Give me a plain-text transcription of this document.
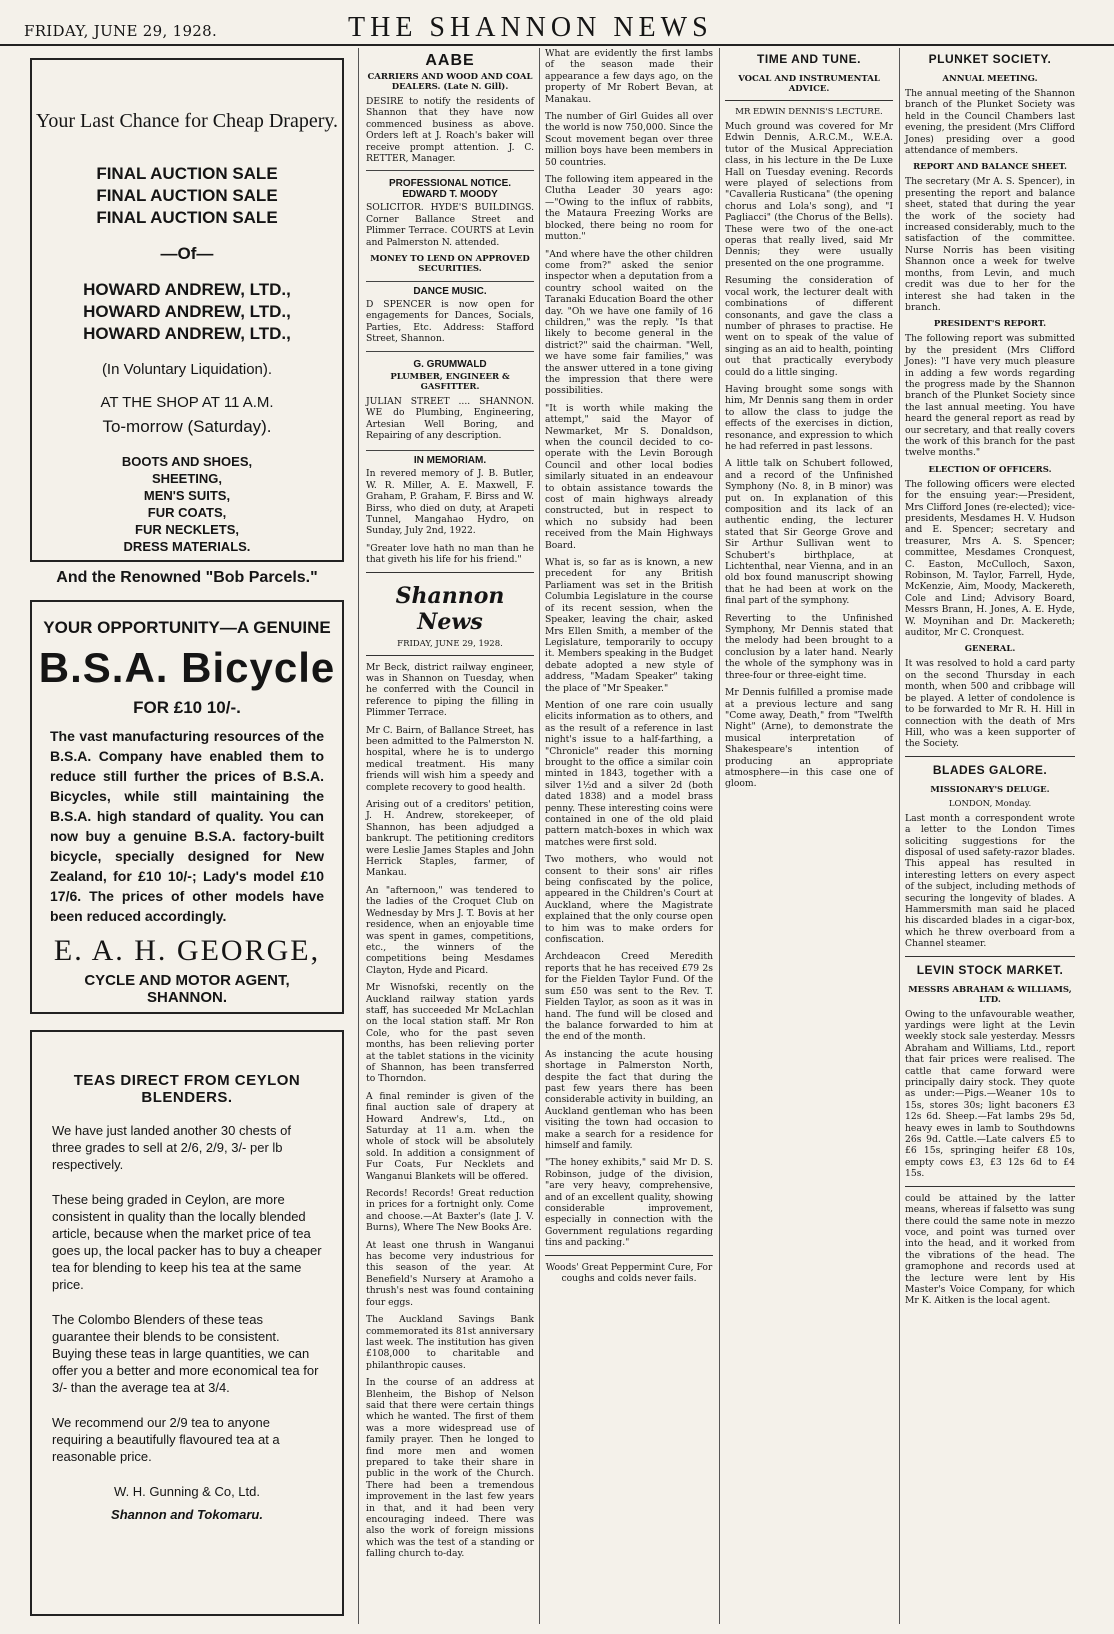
FRIDAY, JUNE 29, 1928.	THE SHANNON NEWS
Your Last Chance for Cheap Drapery.

FINAL AUCTION SALE

FINAL AUCTION SALE

FINAL AUCTION SALE

—Of—

HOWARD ANDREW, LTD.,

HOWARD ANDREW, LTD.,

HOWARD ANDREW, LTD.,

(In Voluntary Liquidation).

AT THE SHOP AT 11 A.M.

To-morrow (Saturday).

BOOTS AND SHOES,
SHEETING,
MEN'S SUITS,
FUR COATS,
FUR NECKLETS,
DRESS MATERIALS.

And the Renowned "Bob Parcels."

YOUR OPPORTUNITY—A GENUINE

B.S.A. Bicycle

FOR £10 10/-.

The vast manufacturing resources of the B.S.A. Company have enabled them to reduce still further the prices of B.S.A. Bicycles, while still maintaining the B.S.A. high standard of quality. You can now buy a genuine B.S.A. factory-built bicycle, specially designed for New Zealand, for £10 10/-; Lady's model £10 17/6. The prices of other models have been reduced accordingly.

E. A. H. GEORGE,
CYCLE AND MOTOR AGENT,
SHANNON.
TEAS DIRECT FROM CEYLON BLENDERS.

We have just landed another 30 chests of three grades to sell at 2/6, 2/9, 3/- per lb respectively.

These being graded in Ceylon, are more consistent in quality than the locally blended article, because when the market price of tea goes up, the local packer has to buy a cheaper tea for blending to keep his tea at the same price.

The Colombo Blenders of these teas guarantee their blends to be consistent. Buying these teas in large quantities, we can offer you a better and more economical tea for 3/- than the average tea at 3/4.

We recommend our 2/9 tea to anyone requiring a beautifully flavoured tea at a reasonable price.

W. H. Gunning & Co, Ltd.

Shannon and Tokomaru.

AABE
CARRIERS AND WOOD AND COAL DEALERS. (Late N. Gill).

DESIRE to notify the residents of Shannon that they have now commenced business as above. Orders left at J. Roach's baker will receive prompt attention. J. C. RETTER, Manager.

PROFESSIONAL NOTICE. EDWARD T. MOODY

SOLICITOR. HYDE'S BUILDINGS. Corner Ballance Street and Plimmer Terrace. COURTS at Levin and Palmerston N. attended.

MONEY TO LEND ON APPROVED SECURITIES.
DANCE MUSIC.

D SPENCER is now open for engagements for Dances, Socials, Parties, Etc. Address: Stafford Street, Shannon.

G. GRUMWALD
PLUMBER, ENGINEER & GASFITTER.

JULIAN STREET .... SHANNON. WE do Plumbing, Engineering, Artesian Well Boring, and Repairing of any description.

IN MEMORIAM.

In revered memory of J. B. Butler, W. R. Miller, A. E. Maxwell, F. Graham, P. Graham, F. Birss and W. Birss, who died on duty, at Arapeti Tunnel, Mangahao Hydro, on Sunday, July 2nd, 1922.

"Greater love hath no man than he that giveth his life for his friend."

Shannon News
FRIDAY, JUNE 29, 1928.

Mr Beck, district railway engineer, was in Shannon on Tuesday, when he conferred with the Council in reference to piping the filling in Plimmer Terrace.

Mr C. Bairn, of Ballance Street, has been admitted to the Palmerston N. hospital, where he is to undergo medical treatment. His many friends will wish him a speedy and complete recovery to good health.

Arising out of a creditors' petition, J. H. Andrew, storekeeper, of Shannon, has been adjudged a bankrupt. The petitioning creditors were Leslie James Staples and John Herrick Staples, farmer, of Mankau.

An "afternoon," was tendered to the ladies of the Croquet Club on Wednesday by Mrs J. T. Bovis at her residence, when an enjoyable time was spent in games, competitions, etc., the winners of the competitions being Mesdames Clayton, Hyde and Picard.

Mr Wisnofski, recently on the Auckland railway station yards staff, has succeeded Mr McLachlan on the local station staff. Mr Ron Cole, who for the past seven months, has been relieving porter at the tablet stations in the vicinity of Shannon, has been transferred to Thorndon.

A final reminder is given of the final auction sale of drapery at Howard Andrew's, Ltd., on Saturday at 11 a.m. when the whole of stock will be absolutely sold. In addition a consignment of Fur Coats, Fur Necklets and Wanganui Blankets will be offered.

Records! Records! Great reduction in prices for a fortnight only. Come and choose.—At Baxter's (late J. V. Burns), Where The New Books Are.

At least one thrush in Wanganui has become very industrious for this season of the year. At Benefield's Nursery at Aramoho a thrush's nest was found containing four eggs.

The Auckland Savings Bank commemorated its 81st anniversary last week. The institution has given £108,000 to charitable and philanthropic causes.

In the course of an address at Blenheim, the Bishop of Nelson said that there were certain things which he wanted. The first of them was a more widespread use of family prayer. Then he longed to find more men and women prepared to take their share in public in the work of the Church. There had been a tremendous improvement in the last few years in that, and it had been very encouraging indeed. There was also the work of foreign missions which was the test of a standing or falling church to-day.

What are evidently the first lambs of the season made their appearance a few days ago, on the property of Mr Robert Bevan, at Manakau.

The number of Girl Guides all over the world is now 750,000. Since the Scout movement began over three million boys have been members in 50 countries.

The following item appeared in the Clutha Leader 30 years ago:—"Owing to the influx of rabbits, the Mataura Freezing Works are blocked, there being no room for mutton."

"And where have the other children come from?" asked the senior inspector when a deputation from a country school waited on the Taranaki Education Board the other day. "Oh we have one family of 16 children," was the reply. "Is that likely to become general in the district?" said the chairman. "Well, we have some fair families," was the answer uttered in a tone giving the impression that there were possibilities.

"It is worth while making the attempt," said the Mayor of Newmarket, Mr S. Donaldson, when the council decided to co-operate with the Levin Borough Council and other local bodies similarly situated in an endeavour to obtain assistance towards the cost of main highways already constructed, but in respect to which no subsidy had been received from the Main Highways Board.

What is, so far as is known, a new precedent for any British Parliament was set in the British Columbia Legislature in the course of its recent session, when the Speaker, leaving the chair, asked Mrs Ellen Smith, a member of the Legislature, temporarily to occupy it. Members speaking in the Budget debate adopted a new style of address, "Madam Speaker" taking the place of "Mr Speaker."

Mention of one rare coin usually elicits information as to others, and as the result of a reference in last night's issue to a half-farthing, a "Chronicle" reader this morning brought to the office a similar coin minted in 1843, together with a silver 1½d and a silver 2d (both dated 1838) and a model brass penny. These interesting coins were contained in one of the old plaid pattern match-boxes in which wax matches were first sold.

Two mothers, who would not consent to their sons' air rifles being confiscated by the police, appeared in the Children's Court at Auckland, where the Magistrate explained that the only course open to him was to make orders for confiscation.

Archdeacon Creed Meredith reports that he has received £79 2s for the Fielden Taylor Fund. Of the sum £50 was sent to the Rev. T. Fielden Taylor, as soon as it was in hand. The fund will be closed and the balance forwarded to him at the end of the month.

As instancing the acute housing shortage in Palmerston North, despite the fact that during the past few years there has been considerable activity in building, an Auckland gentleman who has been visiting the town had occasion to make a search for a residence for himself and family.

"The honey exhibits," said Mr D. S. Robinson, judge of the division, "are very heavy, comprehensive, and of an excellent quality, showing considerable improvement, especially in connection with the Government regulations regarding tins and packing."

Woods' Great Peppermint Cure, For coughs and colds never fails.

TIME AND TUNE.
VOCAL AND INSTRUMENTAL ADVICE.
MR EDWIN DENNIS'S LECTURE.

Much ground was covered for Mr Edwin Dennis, A.R.C.M., W.E.A. tutor of the Musical Appreciation class, in his lecture in the De Luxe Hall on Tuesday evening. Records were played of selections from "Cavalleria Rusticana" (the opening chorus and Lola's song), and "I Pagliacci" (the Chorus of the Bells). These were two of the one-act operas that really lived, said Mr Dennis; they were usually presented on the one programme.

Resuming the consideration of vocal work, the lecturer dealt with combinations of different consonants, and gave the class a number of phrases to practise. He went on to speak of the value of singing as an aid to health, pointing out that practically everybody could do a little singing.

Having brought some songs with him, Mr Dennis sang them in order to allow the class to judge the effects of the exercises in diction, resonance, and expression to which he had referred in past lessons.

A little talk on Schubert followed, and a record of the Unfinished Symphony (No. 8, in B minor) was put on. In explanation of this composition and its lack of an authentic ending, the lecturer stated that Sir George Grove and Sir Arthur Sullivan went to Schubert's birthplace, at Lichtenthal, near Vienna, and in an old box found manuscript showing that he had been at work on the final part of the symphony.

Reverting to the Unfinished Symphony, Mr Dennis stated that the melody had been brought to a conclusion by a later hand. Nearly the whole of the symphony was in three-four or three-eight time.

Mr Dennis fulfilled a promise made at a previous lecture and sang "Come away, Death," from "Twelfth Night" (Arne), to demonstrate the musical interpretation of Shakespeare's intention of producing an appropriate atmosphere—in this case one of gloom.

PLUNKET SOCIETY.
ANNUAL MEETING.

The annual meeting of the Shannon branch of the Plunket Society was held in the Council Chambers last evening, the president (Mrs Clifford Jones) presiding over a good attendance of members.

REPORT AND BALANCE SHEET.

The secretary (Mr A. S. Spencer), in presenting the report and balance sheet, stated that during the year the work of the society had increased considerably, much to the satisfaction of the committee. Nurse Norris has been visiting Shannon once a week for twelve months, from Levin, and much credit was due to her for the interest she had taken in the branch.

PRESIDENT'S REPORT.

The following report was submitted by the president (Mrs Clifford Jones): "I have very much pleasure in adding a few words regarding the progress made by the Shannon branch of the Plunket Society since the last annual meeting. You have heard the general report as read by our secretary, and that really covers the work of this branch for the past twelve months."

ELECTION OF OFFICERS.

The following officers were elected for the ensuing year:—President, Mrs Clifford Jones (re-elected); vice-presidents, Mesdames H. V. Hudson and E. Spencer; secretary and treasurer, Mrs A. S. Spencer; committee, Mesdames Cronquest, C. Easton, McCulloch, Saxon, Robinson, M. Taylor, Farrell, Hyde, McKenzie, Aim, Moody, Mackereth, Cole and Lind; Advisory Board, Messrs Brann, H. Jones, A. E. Hyde, W. Moynihan and Dr. Mackereth; auditor, Mr C. Cronquest.

GENERAL.

It was resolved to hold a card party on the second Thursday in each month, when 500 and cribbage will be played. A letter of condolence is to be forwarded to Mr R. H. Hill in connection with the death of Mrs Hill, who was a keen supporter of the Society.

BLADES GALORE.
MISSIONARY'S DELUGE.
LONDON, Monday.

Last month a correspondent wrote a letter to the London Times soliciting suggestions for the disposal of used safety-razor blades. This appeal has resulted in interesting letters on every aspect of the subject, including methods of securing the longevity of blades. A Hammersmith man said he placed his discarded blades in a cigar-box, which he threw overboard from a Channel steamer.

LEVIN STOCK MARKET.
MESSRS ABRAHAM & WILLIAMS, LTD.

Owing to the unfavourable weather, yardings were light at the Levin weekly stock sale yesterday. Messrs Abraham and Williams, Ltd., report that fair prices were realised. The cattle that came forward were principally dairy stock. They quote as under:—Pigs.—Weaner 10s to 15s, stores 30s; light baconers £3 12s 6d. Sheep.—Fat lambs 29s 5d, heavy ewes in lamb to Southdowns 26s 9d. Cattle.—Late calvers £5 to £6 15s, springing heifer £8 10s, empty cows £3, £3 12s 6d to £4 15s.

could be attained by the latter means, whereas if falsetto was sung there could the same note in mezzo voce, and point was turned over into the head, and it worked from the vibrations of the head. The gramophone and records used at the lecture were lent by His Master's Voice Company, for which Mr K. Aitken is the local agent.
